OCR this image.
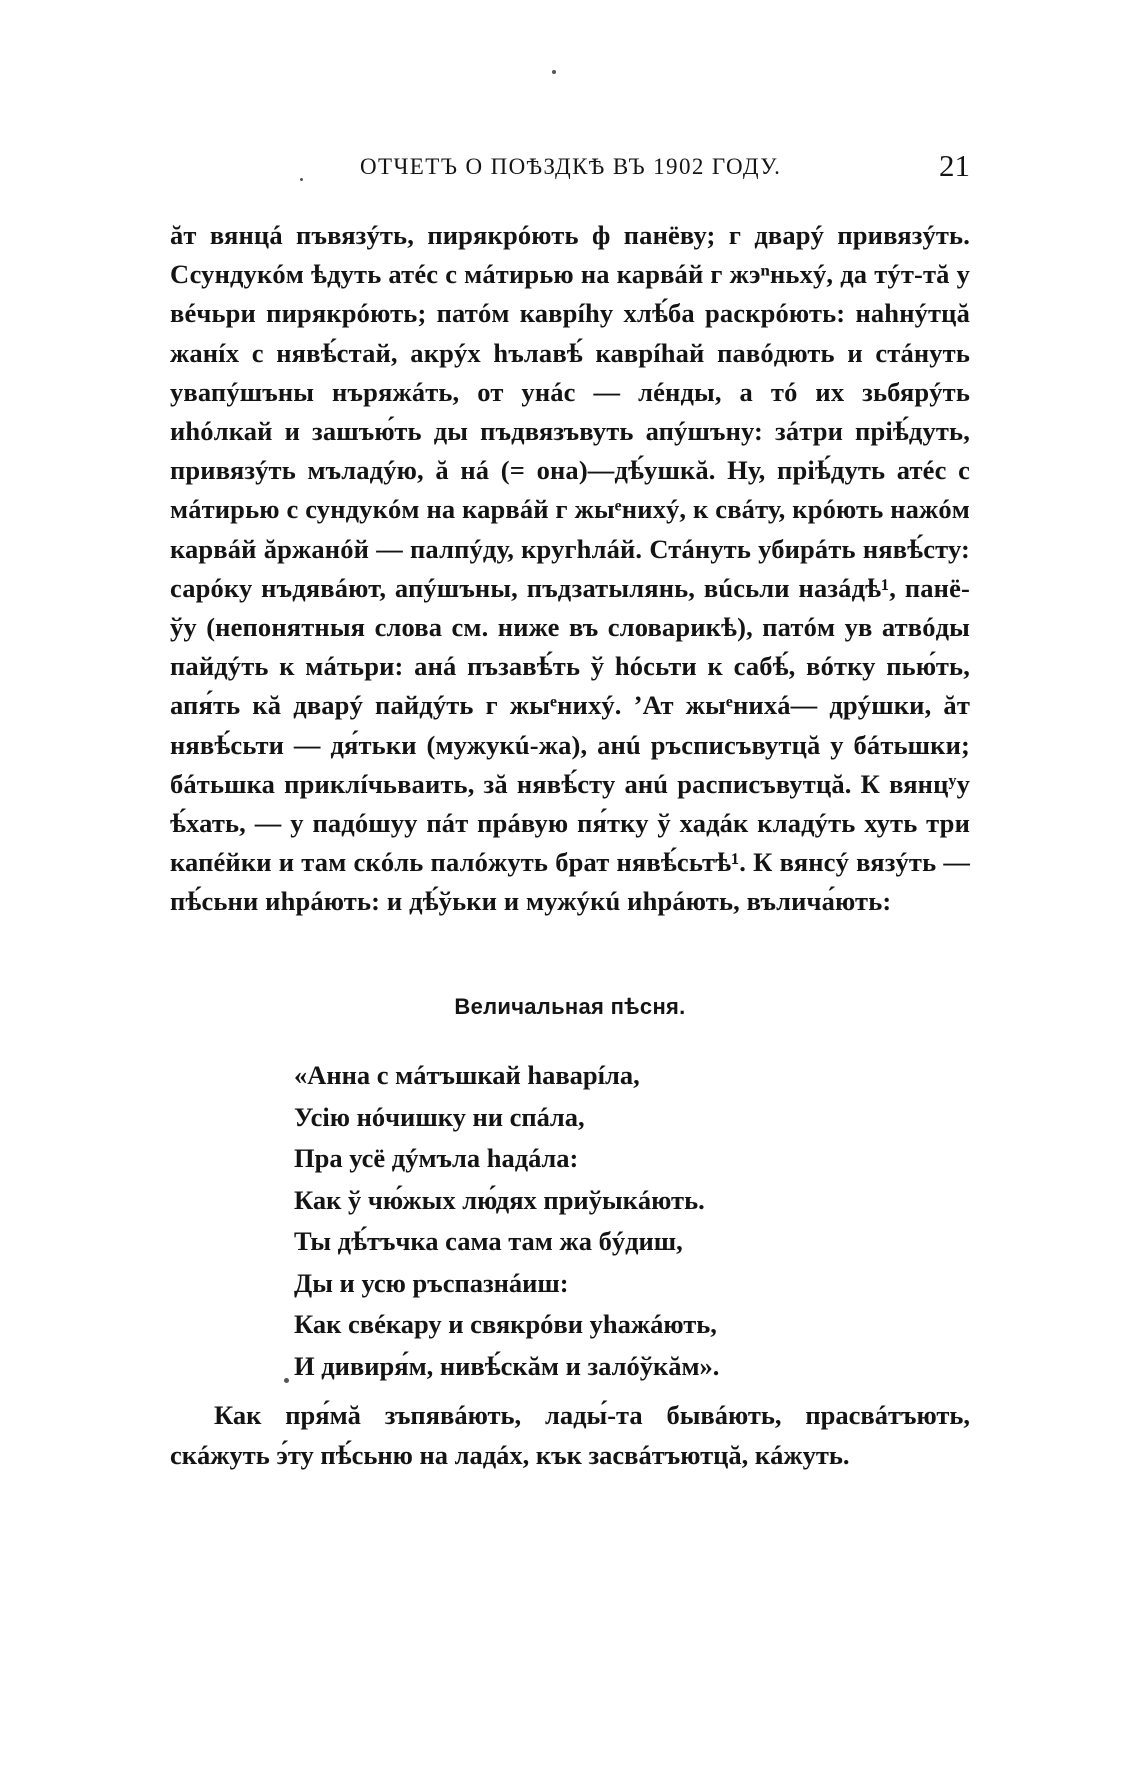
ОТЧЕТЪ О ПОѢЗДКѢ ВЪ 1902 ГОДУ.	21

ăт вянцá пъвязýть, пирякрóють ф панёву; г дварý привязýть. Ссундукóм ѣдуть атéс с мáтирью на карвáй г жэⁿньхý, да тýт-тă у вéчьри пирякрóють; патóм каврíһу хлѣ́ба раскрóють: наһнýтцă жанíх с нявѣ́стай, акрýх һълавѣ́ каврíһай павóдють и стáнуть увапýшъны нъряжáть, от унáс — лéнды, а тó их зьбярýть иһóлкай и зашъю́ть ды пъдвязъвуть апýшъну: зáтри пріѣ́дуть, привязýть мъладýю, ă нá (= она)—дѣ́ушкă. Ну, пріѣ́дуть атéс с мáтирью с сундукóм на карвáй г жыᵉнихý, к свáту, крóють нажóм карвáй ăржанóй — палпýду, кругһлáй. Стáнуть убирáть нявѣ́сту: сарóку нъдявáют, апýшъны, пъдзатылянь, вúсьли назáдѣ¹, панё-ўу (непонятныя слова см. ниже въ словарикѣ), патóм ув атвóды пайдýть к мáтьри: анá пъзавѣ́ть ў һóсьти к сабѣ́, вóтку пью́ть, апя́ть кă дварý пайдýть г жыᵉнихý. ’Ат жыᵉнихá— дрýшки, ăт нявѣ́сьти — дя́тьки (мужукú-жа), анú ръсписъвутцă у бáтьшки; бáтьшка приклíчьваить, зă нявѣ́сту анú расписъвутцă. К вянцʸу ѣ́хать, — у падóшуу пáт прáвую пя́тку ў хадáк кладýть хуть три капéйки и там скóль палóжуть брат нявѣ́сьтѣ¹. К вянсý вязýть — пѣ́сьни иһрáють: и дѣ́ўьки и мужýкú иһрáють, вълича́ють:

Величальная пѣсня.
«Анна с мáтъшкай һаварíла,
Усію нóчишку ни спáла,
Пра усё дýмъла һадáла:
Как ў чю́жых лю́дях приўыкáють.
Ты дѣ́тъчка сама там жа бýдиш,
Ды и усю ръспазнáиш:
Как свéкару и свякрóви уһажáють,
И дивиря́м, нивѣ́скăм и залóўкăм».

Как пря́мă зъпявáють, лады́-та бывáють, прасвáтъють, скáжуть э́ту пѣ́сьню на ладáх, кък засвáтъютцă, кáжуть.
